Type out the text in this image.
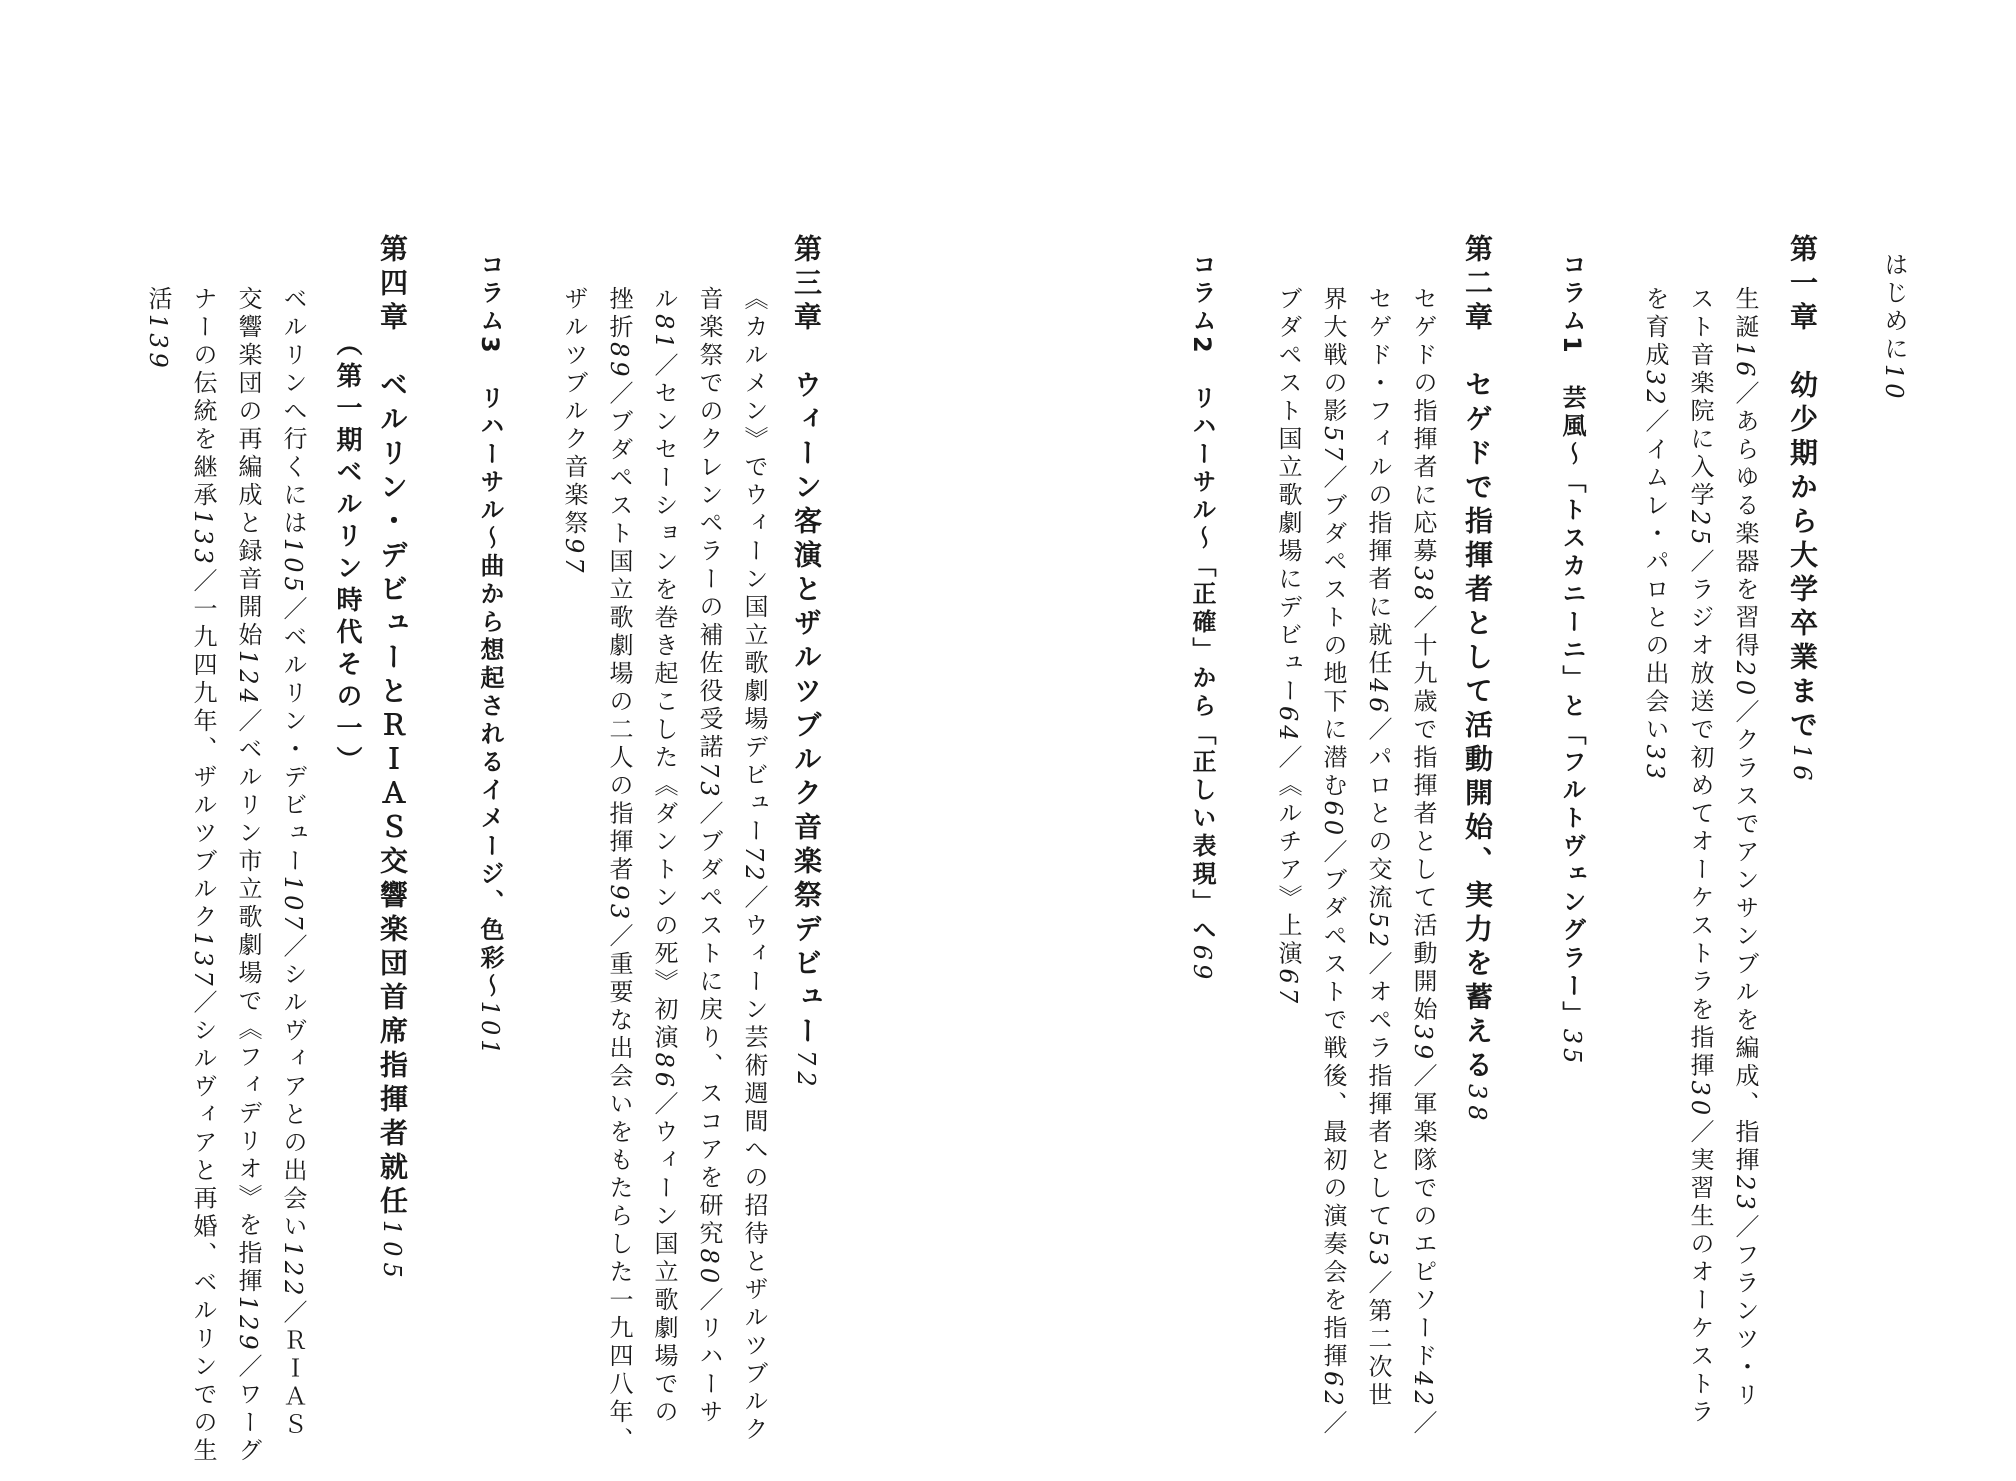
はじめに10
第一章　幼少期から大学卒業まで16
生誕16／あらゆる楽器を習得20／クラスでアンサンブルを編成、指揮23／フランツ・リ
スト音楽院に入学25／ラジオ放送で初めてオーケストラを指揮30／実習生のオーケストラ
を育成32／イムレ・パロとの出会い33
コラム1　芸風～「トスカニーニ」と「フルトヴェングラー」35
第二章　セゲドで指揮者として活動開始、実力を蓄える38
セゲドの指揮者に応募38／十九歳で指揮者として活動開始39／軍楽隊でのエピソード42／
セゲド・フィルの指揮者に就任46／パロとの交流52／オペラ指揮者として53／第二次世
界大戦の影57／ブダペストの地下に潜む60／ブダペストで戦後、最初の演奏会を指揮62／
ブダペスト国立歌劇場にデビュー64／《ルチア》上演67
コラム2　リハーサル～「正確」から「正しい表現」へ69
第三章　ウィーン客演とザルツブルク音楽祭デビュー72
《カルメン》でウィーン国立歌劇場デビュー72／ウィーン芸術週間への招待とザルツブルク
音楽祭でのクレンペラーの補佐役受諾73／ブダペストに戻り、スコアを研究80／リハーサ
ル81／センセーションを巻き起こした《ダントンの死》初演86／ウィーン国立歌劇場での
挫折89／ブダペスト国立歌劇場の二人の指揮者93／重要な出会いをもたらした一九四八年、
ザルツブルク音楽祭97
コラム3　リハーサル～曲から想起されるイメージ、色彩～101
第四章　ベルリン・デビューとＲＩＡＳ交響楽団首席指揮者就任105
（第一期ベルリン時代その一）
ベルリンへ行くには105／ベルリン・デビュー107／シルヴィアとの出会い122／ＲＩＡＳ
交響楽団の再編成と録音開始124／ベルリン市立歌劇場で《フィデリオ》を指揮129／ワーグ
ナーの伝統を継承133／一九四九年、ザルツブルク137／シルヴィアと再婚、ベルリンでの生
活139
